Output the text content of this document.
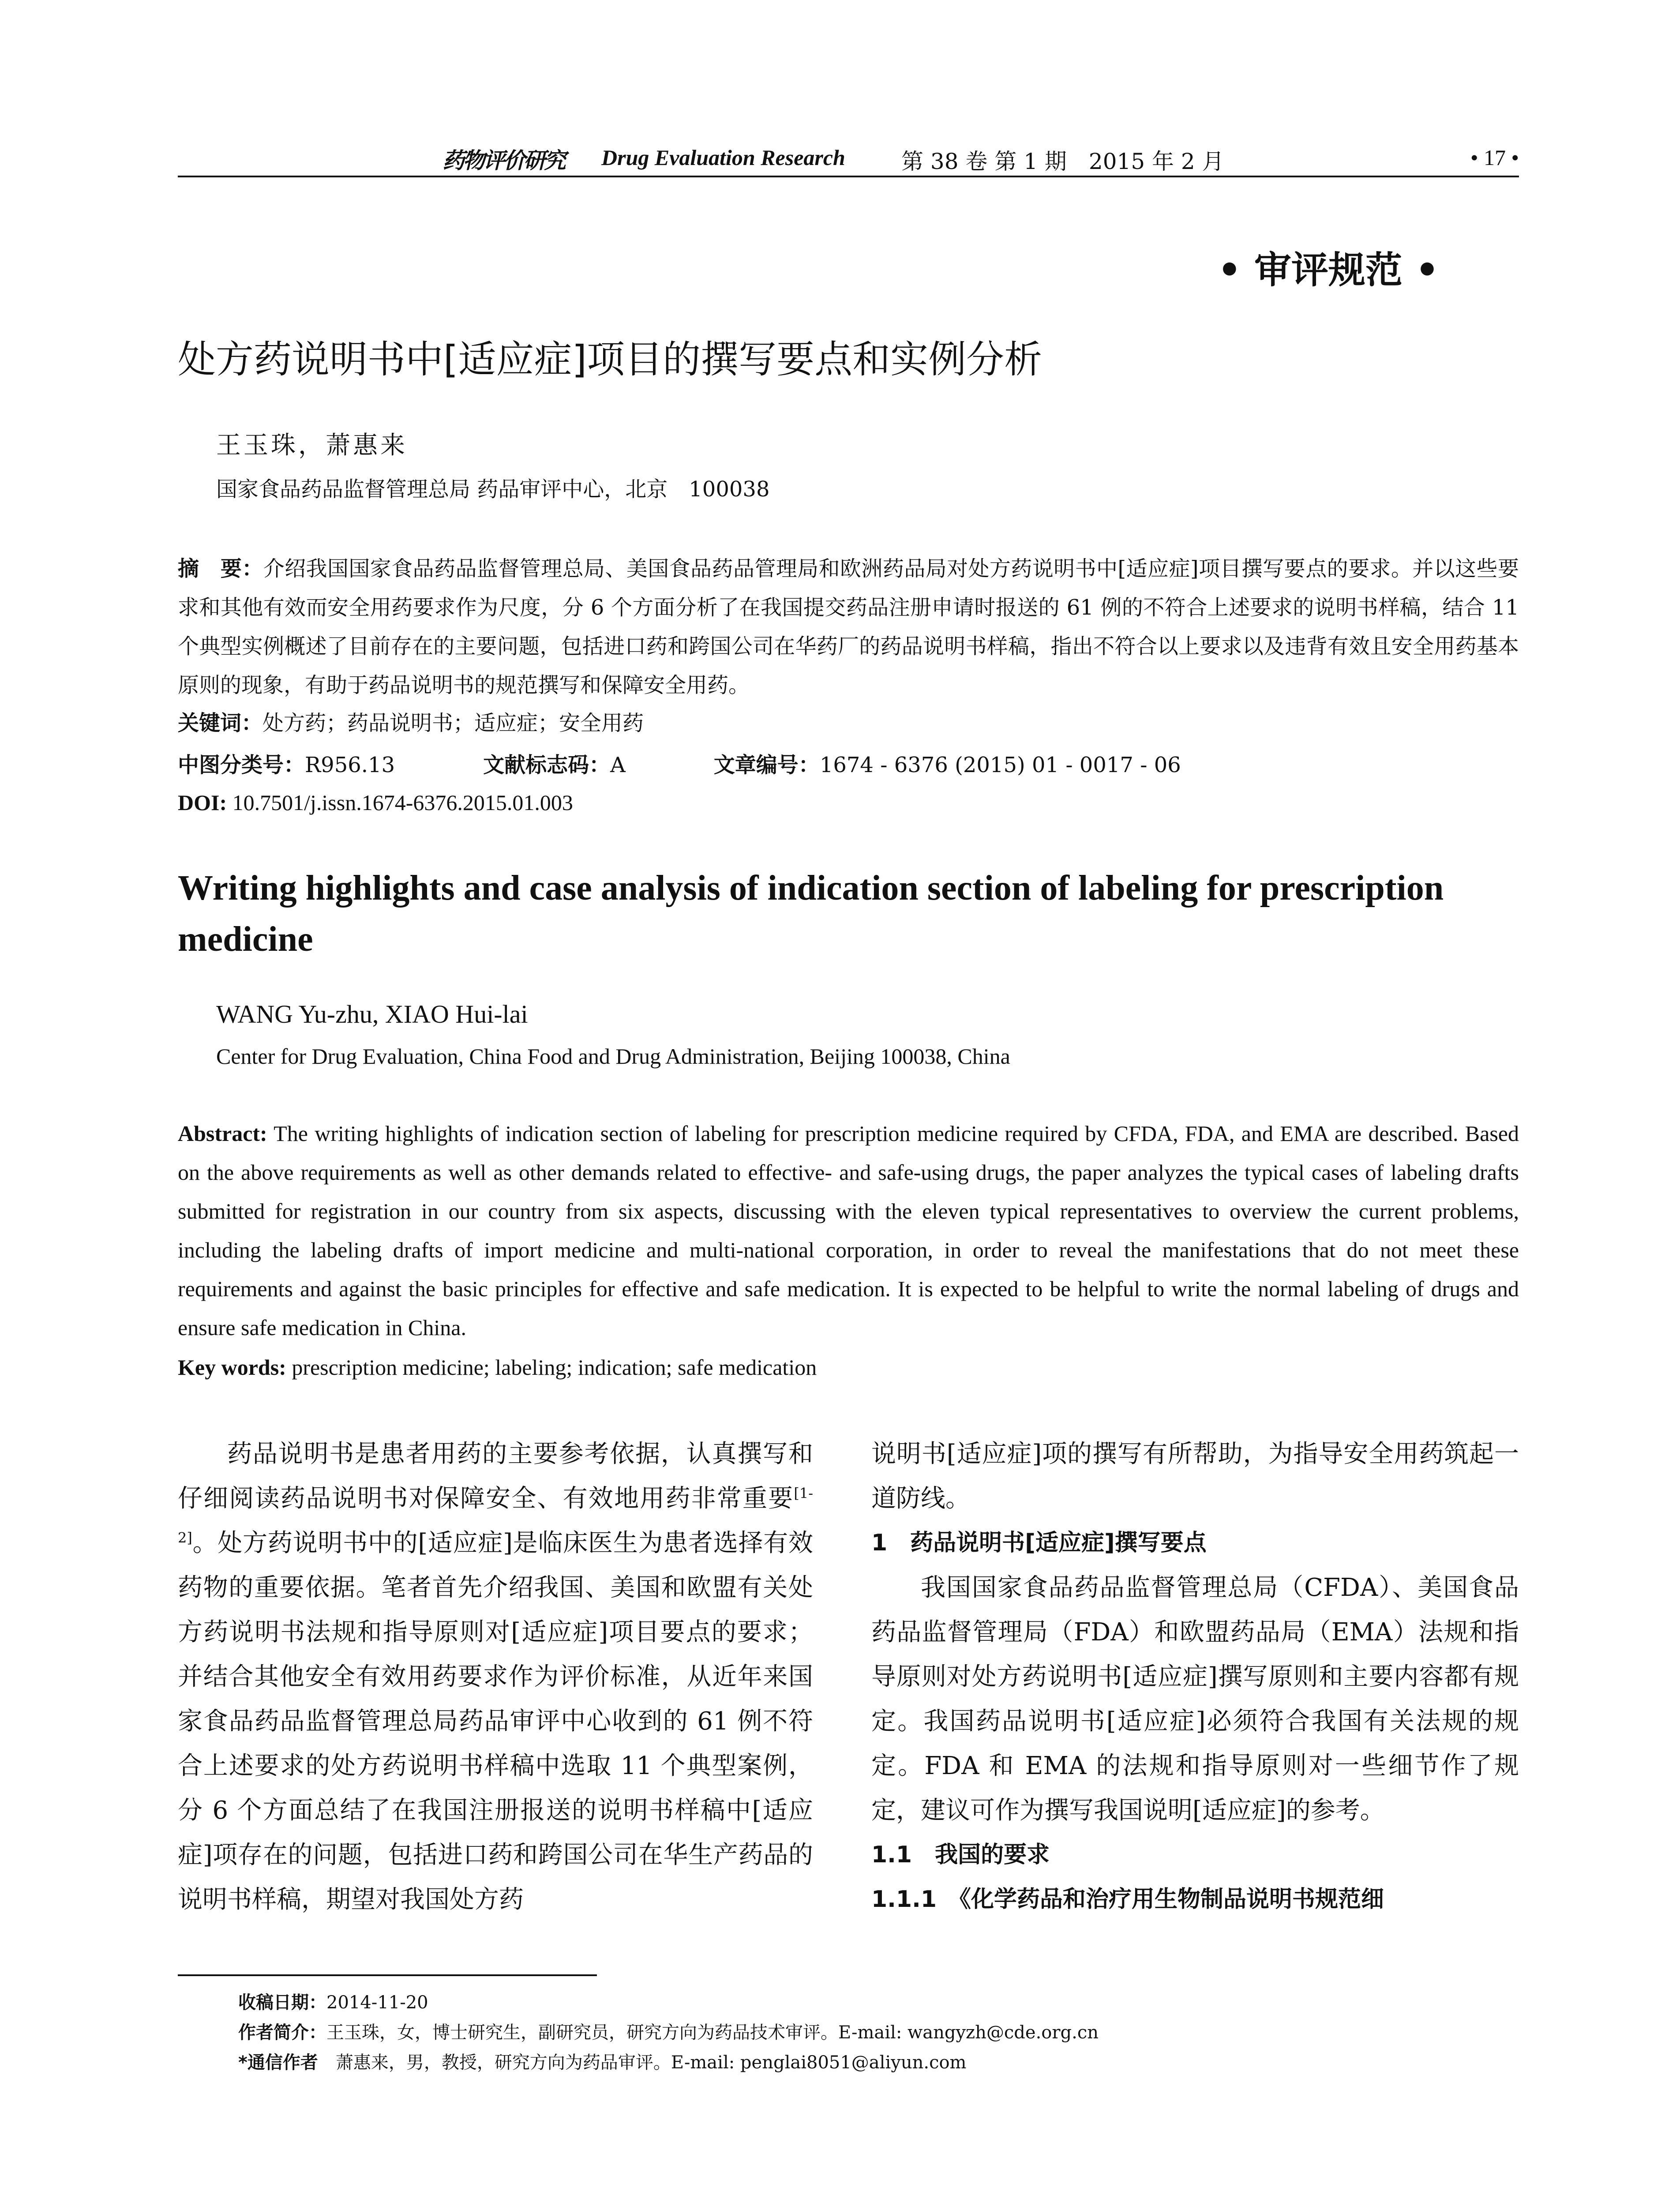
药物评价研究 Drug Evaluation Research	第 38 卷 第 1 期　2015 年 2 月	• 17 •
• 审评规范 •
处方药说明书中[适应症]项目的撰写要点和实例分析
王玉珠，萧惠来
国家食品药品监督管理总局 药品审评中心，北京　100038
摘　要：介绍我国国家食品药品监督管理总局、美国食品药品管理局和欧洲药品局对处方药说明书中[适应症]项目撰写要点的要求。并以这些要求和其他有效而安全用药要求作为尺度，分 6 个方面分析了在我国提交药品注册申请时报送的 61 例的不符合上述要求的说明书样稿，结合 11 个典型实例概述了目前存在的主要问题，包括进口药和跨国公司在华药厂的药品说明书样稿，指出不符合以上要求以及违背有效且安全用药基本原则的现象，有助于药品说明书的规范撰写和保障安全用药。
关键词：处方药；药品说明书；适应症；安全用药
中图分类号：R956.13	文献标志码：A	文章编号：1674 - 6376 (2015) 01 - 0017 - 06
DOI: 10.7501/j.issn.1674-6376.2015.01.003
Writing highlights and case analysis of indication section of labeling for prescription medicine
WANG Yu-zhu, XIAO Hui-lai
Center for Drug Evaluation, China Food and Drug Administration, Beijing 100038, China
Abstract: The writing highlights of indication section of labeling for prescription medicine required by CFDA, FDA, and EMA are described. Based on the above requirements as well as other demands related to effective- and safe-using drugs, the paper analyzes the typical cases of labeling drafts submitted for registration in our country from six aspects, discussing with the eleven typical representatives to overview the current problems, including the labeling drafts of import medicine and multi-national corporation, in order to reveal the manifestations that do not meet these requirements and against the basic principles for effective and safe medication. It is expected to be helpful to write the normal labeling of drugs and ensure safe medication in China.
Key words: prescription medicine; labeling; indication; safe medication

药品说明书是患者用药的主要参考依据，认真撰写和仔细阅读药品说明书对保障安全、有效地用药非常重要[1-2]。处方药说明书中的[适应症]是临床医生为患者选择有效药物的重要依据。笔者首先介绍我国、美国和欧盟有关处方药说明书法规和指导原则对[适应症]项目要点的要求；并结合其他安全有效用药要求作为评价标准，从近年来国家食品药品监督管理总局药品审评中心收到的 61 例不符合上述要求的处方药说明书样稿中选取 11 个典型案例，分 6 个方面总结了在我国注册报送的说明书样稿中[适应症]项存在的问题，包括进口药和跨国公司在华生产药品的说明书样稿，期望对我国处方药

说明书[适应症]项的撰写有所帮助，为指导安全用药筑起一道防线。

1　药品说明书[适应症]撰写要点

我国国家食品药品监督管理总局（CFDA）、美国食品药品监督管理局（FDA）和欧盟药品局（EMA）法规和指导原则对处方药说明书[适应症]撰写原则和主要内容都有规定。我国药品说明书[适应症]必须符合我国有关法规的规定。FDA 和 EMA 的法规和指导原则对一些细节作了规定，建议可作为撰写我国说明[适应症]的参考。

1.1　我国的要求

1.1.1　《化学药品和治疗用生物制品说明书规范细

收稿日期：2014-11-20
作者简介：王玉珠，女，博士研究生，副研究员，研究方向为药品技术审评。E-mail: wangyzh@cde.org.cn
*通信作者　萧惠来，男，教授，研究方向为药品审评。E-mail: penglai8051@aliyun.com
